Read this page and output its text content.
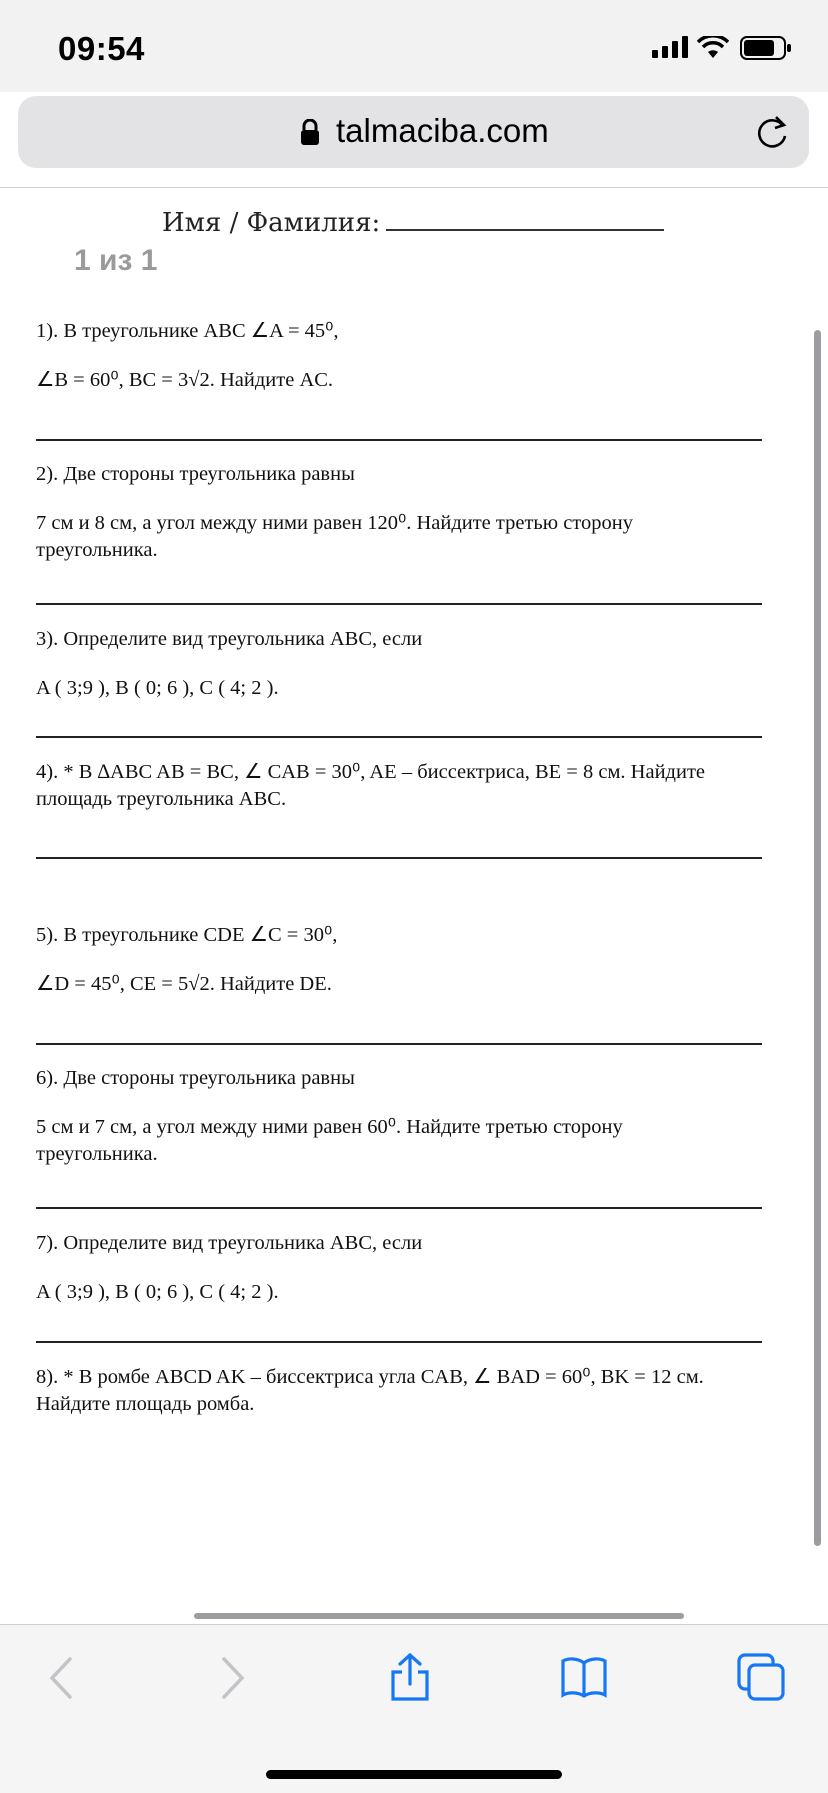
09:54
talmaciba.com
Имя / Фамилия:
1 из 1
1). В треугольнике ABC ∠A = 45⁰,
∠B = 60⁰, BC = 3√2. Найдите AC.
2). Две стороны треугольника равны
7 см и 8 см, а угол между ними равен 120⁰. Найдите третью сторону треугольника.
3). Определите вид треугольника ABC, если
A ( 3;9 ), B ( 0; 6 ), C ( 4; 2 ).
4). * В ∆ABC AB = BC, ∠ CAB = 30⁰, AE – биссектриса, BE = 8 см. Найдите площадь треугольника ABC.
5). В треугольнике CDE ∠C = 30⁰,
∠D = 45⁰, CE = 5√2. Найдите DE.
6). Две стороны треугольника равны
5 см и 7 см, а угол между ними равен 60⁰. Найдите третью сторону треугольника.
7). Определите вид треугольника ABC, если
A ( 3;9 ), B ( 0; 6 ), C ( 4; 2 ).
8). * В ромбе ABCD AK – биссектриса угла CAB, ∠ BAD = 60⁰, BK = 12 см. Найдите площадь ромба.
